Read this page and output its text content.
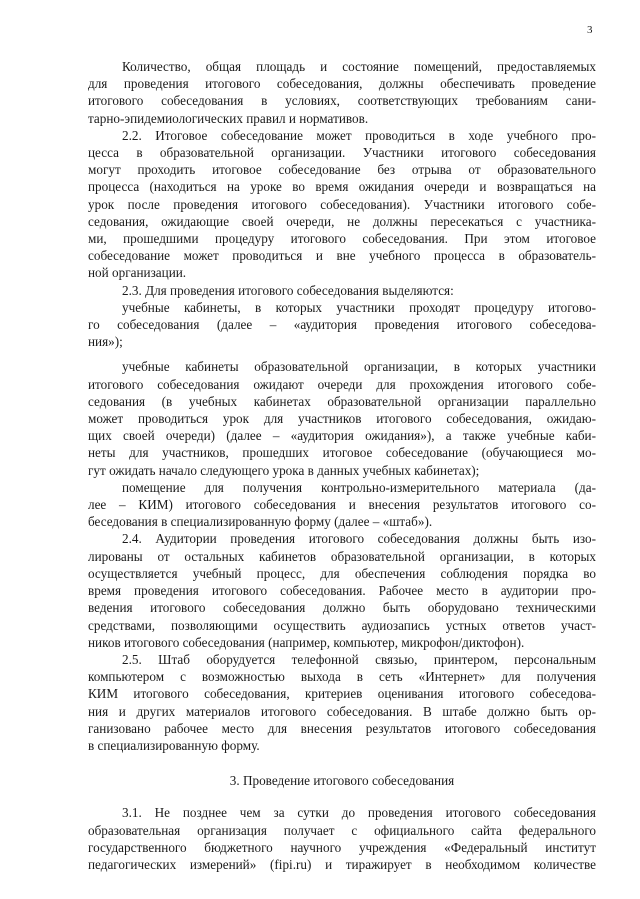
3
Количество, общая площадь и состояние помещений, предоставляемых
для проведения итогового собеседования, должны обеспечивать проведение
итогового собеседования в условиях, соответствующих требованиям сани-
тарно-эпидемиологических правил и нормативов.
2.2. Итоговое собеседование может проводиться в ходе учебного про-
цесса в образовательной организации. Участники итогового собеседования
могут проходить итоговое собеседование без отрыва от образовательного
процесса (находиться на уроке во время ожидания очереди и возвращаться на
урок после проведения итогового собеседования). Участники итогового собе-
седования, ожидающие своей очереди, не должны пересекаться с участника-
ми, прошедшими процедуру итогового собеседования. При этом итоговое
собеседование может проводиться и вне учебного процесса в образователь-
ной организации.
2.3. Для проведения итогового собеседования выделяются:
учебные кабинеты, в которых участники проходят процедуру итогово-
го собеседования (далее – «аудитория проведения итогового собеседова-
ния»);
учебные кабинеты образовательной организации, в которых участники
итогового собеседования ожидают очереди для прохождения итогового собе-
седования (в учебных кабинетах образовательной организации параллельно
может проводиться урок для участников итогового собеседования, ожидаю-
щих своей очереди) (далее – «аудитория ожидания»), а также учебные каби-
неты для участников, прошедших итоговое собеседование (обучающиеся мо-
гут ожидать начало следующего урока в данных учебных кабинетах);
помещение для получения контрольно-измерительного материала (да-
лее – КИМ) итогового собеседования и внесения результатов итогового со-
беседования в специализированную форму (далее – «штаб»).
2.4. Аудитории проведения итогового собеседования должны быть изо-
лированы от остальных кабинетов образовательной организации, в которых
осуществляется учебный процесс, для обеспечения соблюдения порядка во
время проведения итогового собеседования. Рабочее место в аудитории про-
ведения итогового собеседования должно быть оборудовано техническими
средствами, позволяющими осуществить аудиозапись устных ответов участ-
ников итогового собеседования (например, компьютер, микрофон/диктофон).
2.5. Штаб оборудуется телефонной связью, принтером, персональным
компьютером с возможностью выхода в сеть «Интернет» для получения
КИМ итогового собеседования, критериев оценивания итогового собеседова-
ния и других материалов итогового собеседования. В штабе должно быть ор-
ганизовано рабочее место для внесения результатов итогового собеседования
в специализированную форму.
3. Проведение итогового собеседования
3.1. Не позднее чем за сутки до проведения итогового собеседования
образовательная организация получает с официального сайта федерального
государственного бюджетного научного учреждения «Федеральный институт
педагогических измерений» (fipi.ru) и тиражирует в необходимом количестве
